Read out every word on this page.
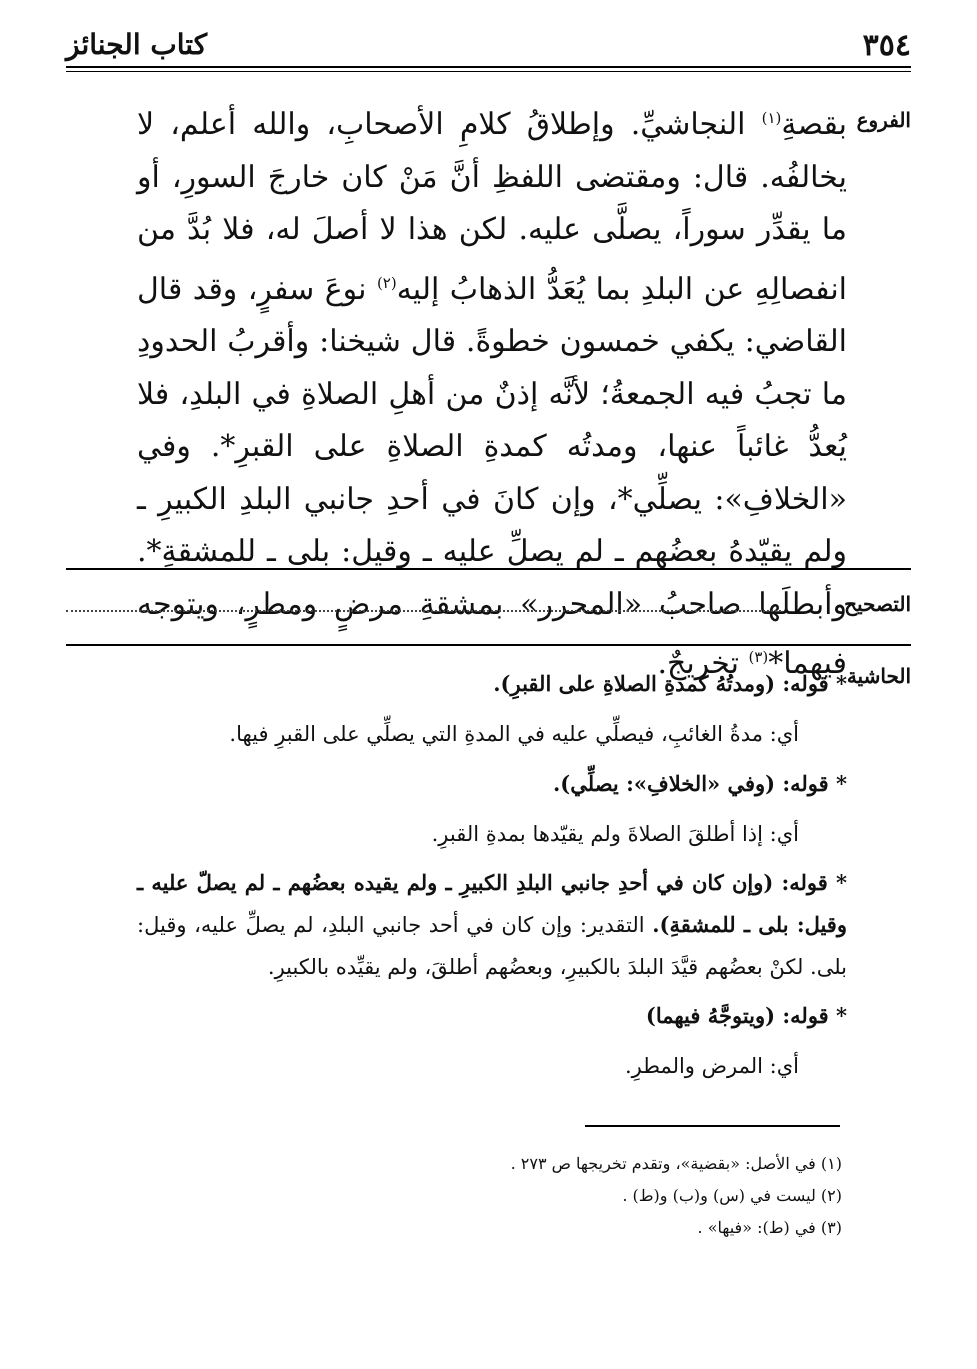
٣٥٤
كتاب الجنائز
الفروع

بقصةِ$^{(١)}$ النجاشيِّ. وإطلاقُ كلامِ الأصحابِ، والله أعلم، لا يخالفُه. قال: ومقتضى اللفظِ أنَّ مَنْ كان خارجَ السورِ، أو ما يقدِّر سوراً، يصلَّى عليه. لكن هذا لا أصلَ له، فلا بُدَّ من انفصالِهِ عن البلدِ بما يُعَدُّ الذهابُ إليه$^{(٢)}$ نوعَ سفرٍ، وقد قال القاضي: يكفي خمسون خطوةً. قال شيخنا: وأقربُ الحدودِ ما تجبُ فيه الجمعةُ؛ لأنَّه إذنٌ من أهلِ الصلاةِ في البلدِ، فلا يُعدُّ غائباً عنها، ومدتُه كمدةِ الصلاةِ على القبرِ*. وفي «الخلافِ»: يصلِّي*، وإن كانَ في أحدِ جانبي البلدِ الكبيرِ ـ ولم يقيّدهُ بعضُهم ـ لم يصلِّ عليه ـ وقيل: بلى ـ للمشقةِ*. وأبطلَها صاحبُ «المحرر» بمشقةِ مرضٍ ومطرٍ، ويتوجه فيهما*$^{(٣)}$ تخريجٌ.

التصحيح
الحاشية

* قوله: (ومدتُهُ كمدةِ الصلاةِ على القبرِ).

أي: مدةُ الغائبِ، فيصلِّي عليه في المدةِ التي يصلِّي على القبرِ فيها.

* قوله: (وفي «الخلافِ»: يصلِّي).

أي: إذا أطلقَ الصلاةَ ولم يقيّدها بمدةِ القبرِ.

* قوله: (وإن كان في أحدِ جانبي البلدِ الكبيرِ ـ ولم يقيده بعضُهم ـ لم يصلّ عليه ـ وقيل: بلى ـ للمشقةِ). التقدير: وإن كان في أحد جانبي البلدِ، لم يصلِّ عليه، وقيل: بلى. لكنْ بعضُهم قيَّدَ البلدَ بالكبيرِ، وبعضُهم أطلقَ، ولم يقيِّده بالكبيرِ.

* قوله: (ويتوجَّهُ فيهما)

أي: المرض والمطرِ.

(١) في الأصل: «بقضية»، وتقدم تخريجها ص ٢٧٣ .

(٢) ليست في (س) و(ب) و(ط) .

(٣) في (ط): «فيها» .
